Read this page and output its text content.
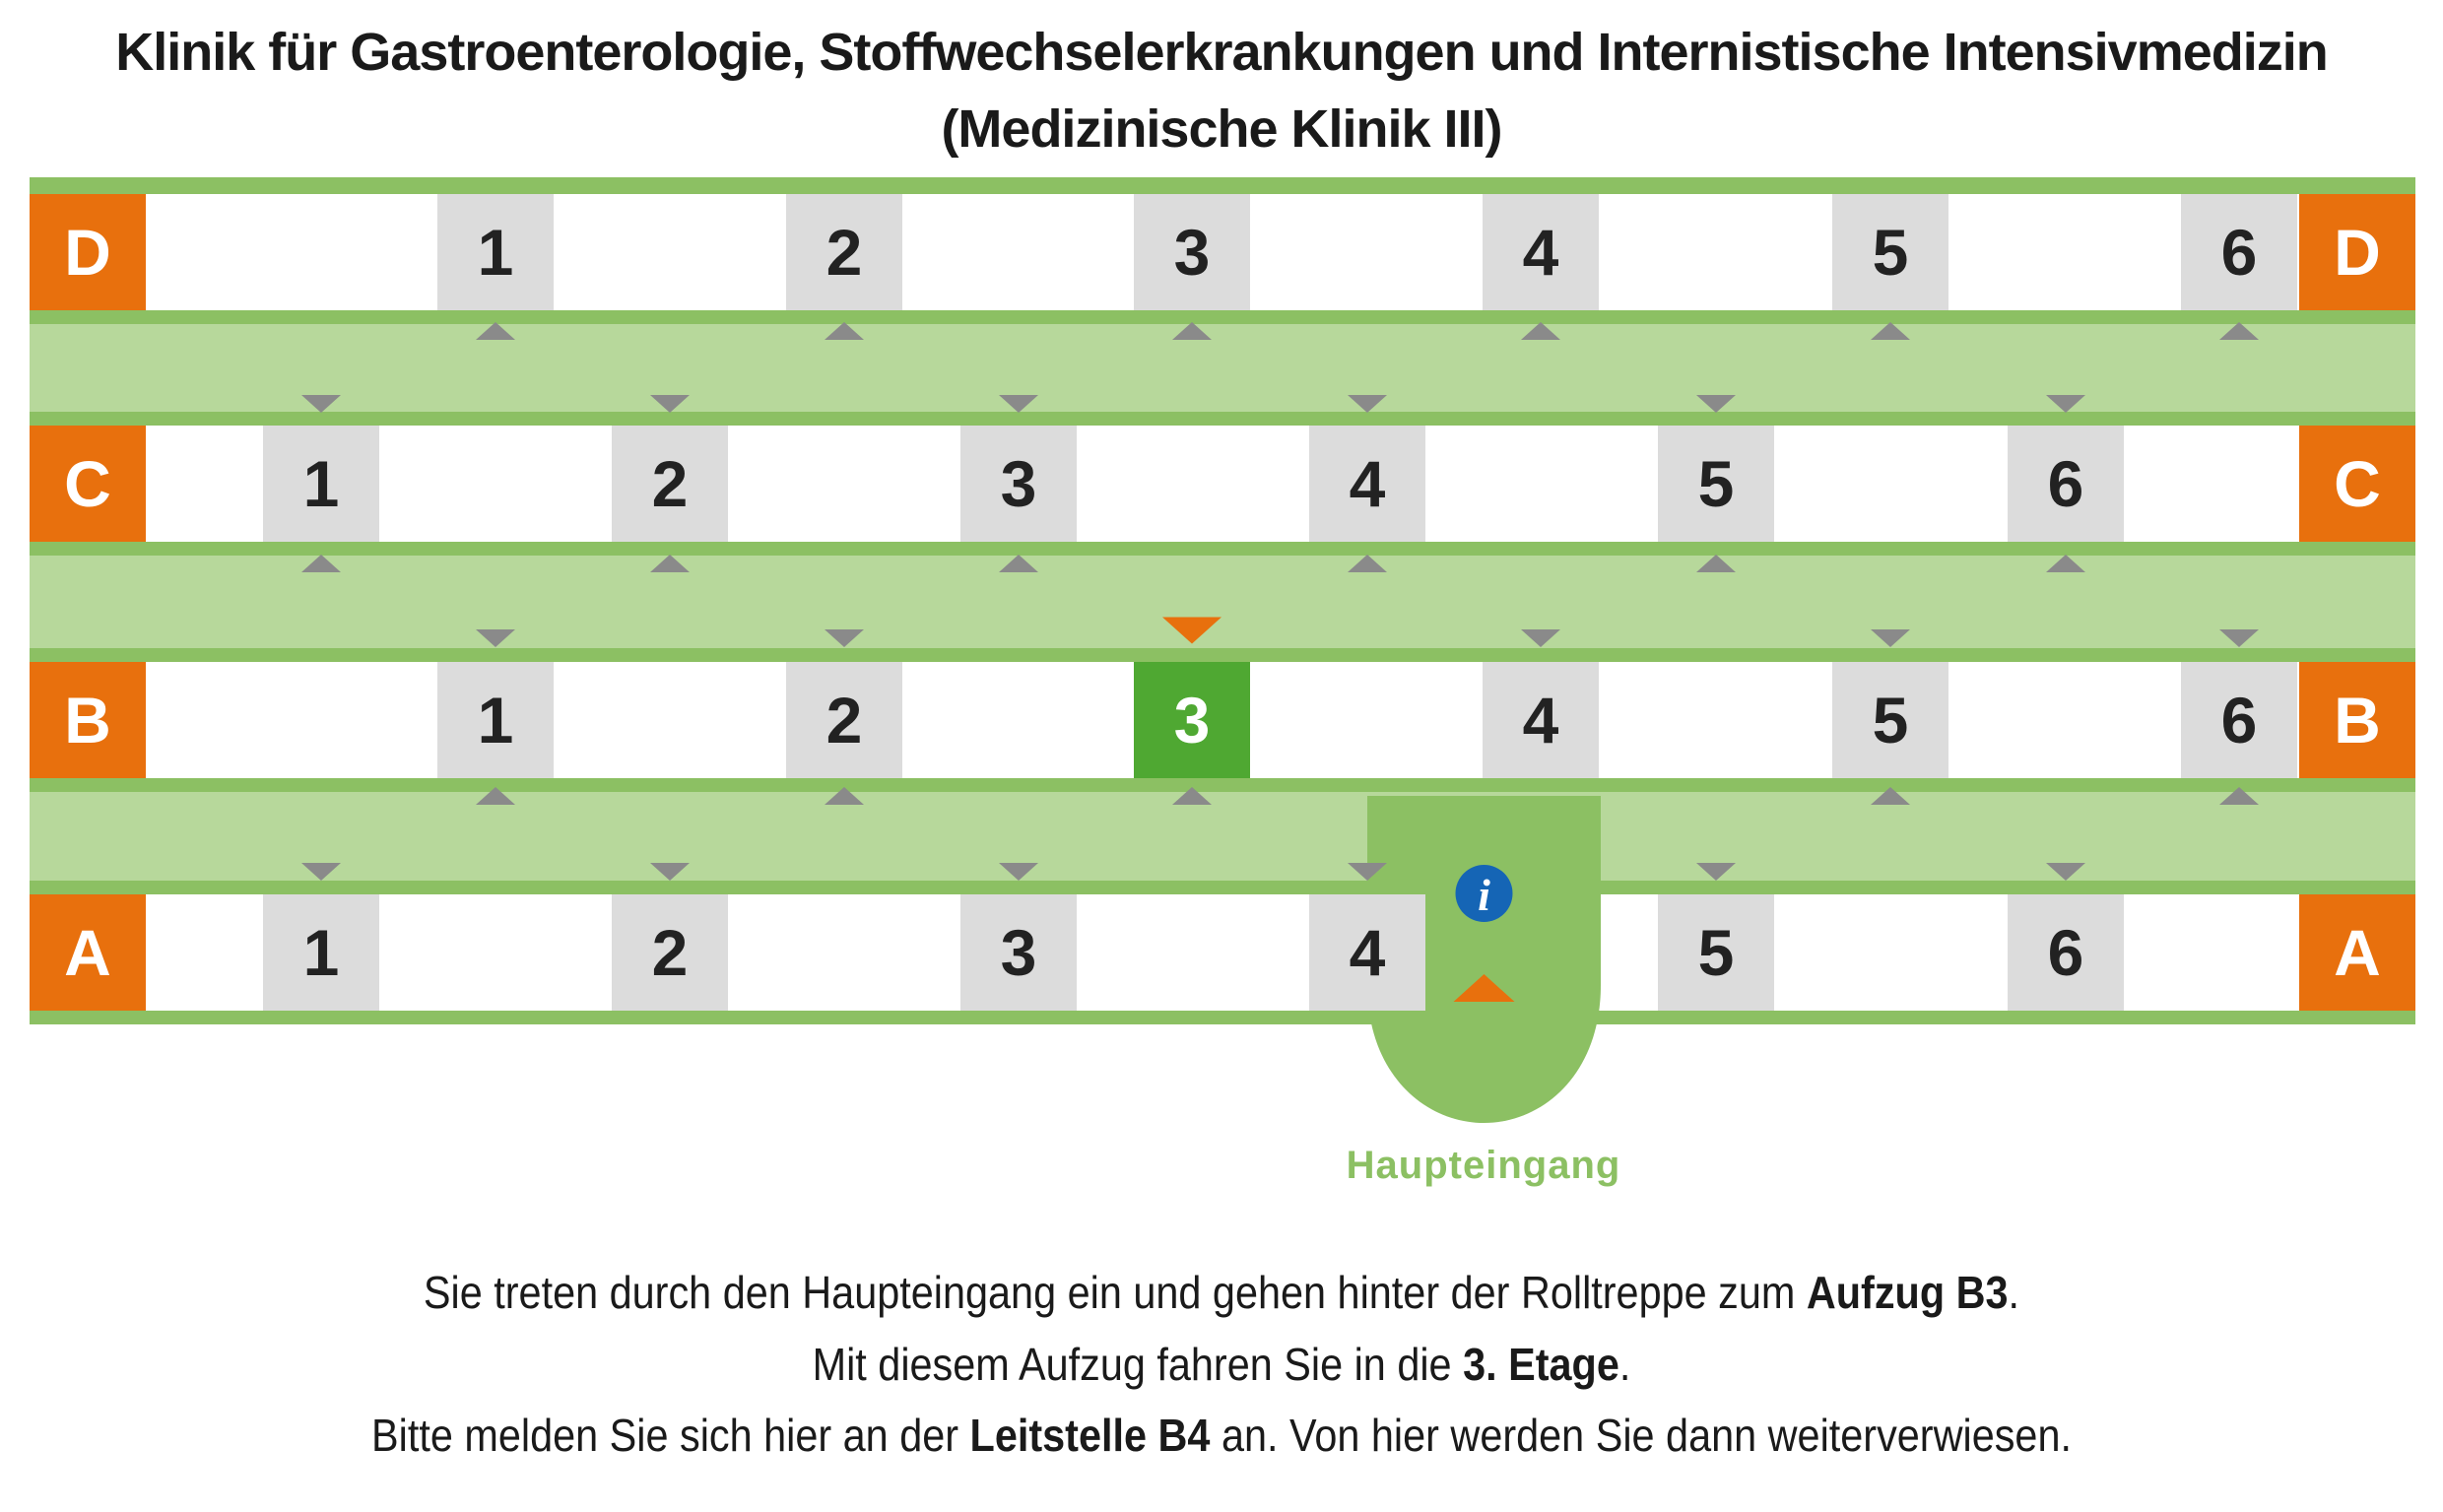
Klinik für Gastroenterologie, Stoffwechselerkrankungen und Internistische Intensivmedizin
(Medizinische Klinik III)
D	D
1	2	3	4	5	6
C	C
1	2	3	4	5	6
B	B
1	2	3	4	5	6
A	A
1	2	3	4	5	6
i
Haupteingang
Sie treten durch den Haupteingang ein und gehen hinter der Rolltreppe zum Aufzug B3.
Mit diesem Aufzug fahren Sie in die 3. Etage.
Bitte melden Sie sich hier an der Leitstelle B4 an. Von hier werden Sie dann weiterverwiesen.
